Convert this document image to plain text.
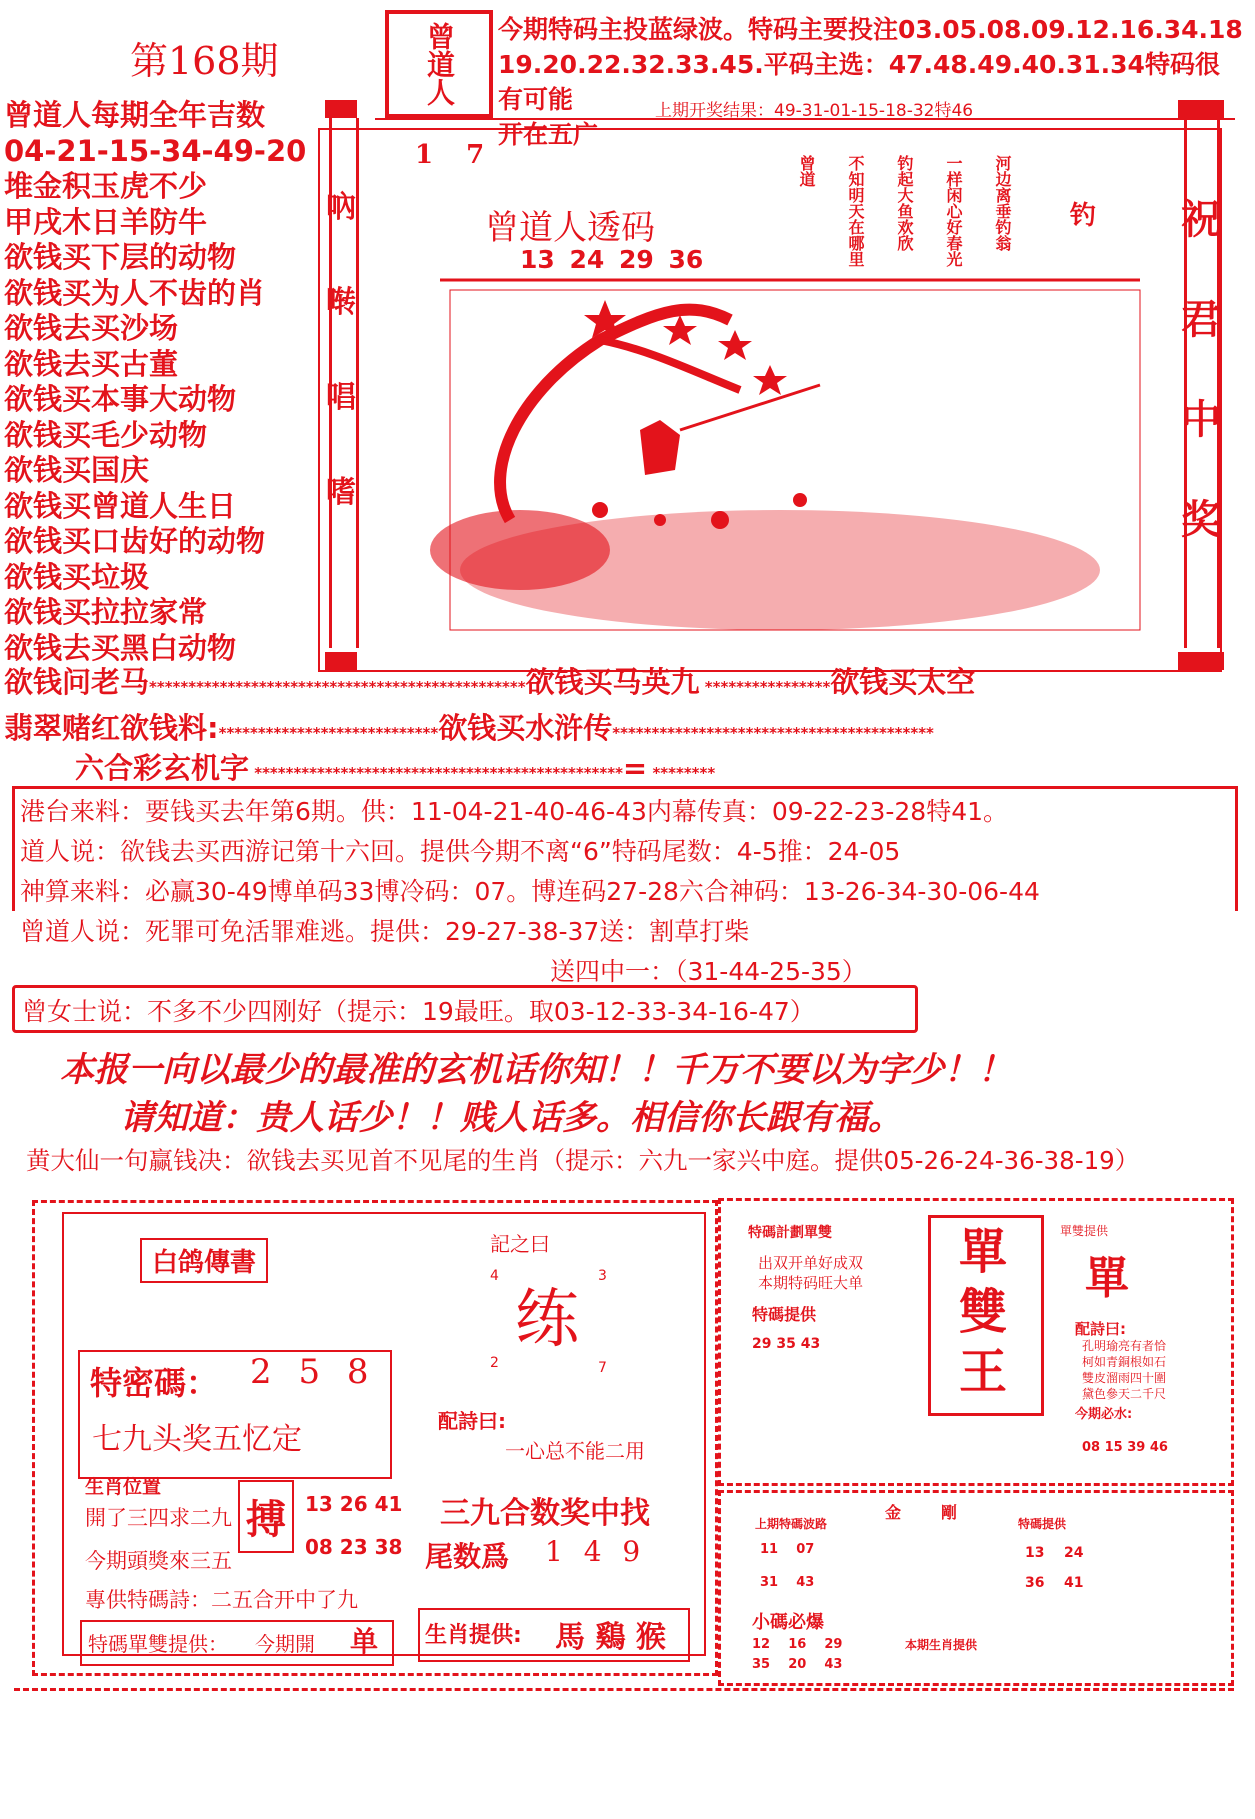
第168期	曾道人 今期特码主投蓝绿波。特码主要投注03.05.08.09.12.16.34.18
19.20.22.32.33.45.平码主选：47.48.49.40.31.34特码很有可能
开在五广
上期开奖结果：49-31-01-15-18-32特46
曾道人每期全年吉数
04-21-15-34-49-20
堆金积玉虎不少
甲戌木日羊防牛
欲钱买下层的动物
欲钱买为人不齿的肖
欲钱去买沙场
欲钱去买古董
欲钱买本事大动物
欲钱买毛少动物
欲钱买国庆
欲钱买曾道人生日
欲钱买口齿好的动物
欲钱买垃圾
欲钱买拉拉家常
欲钱去买黑白动物
吶
啭
唱
嗜
祝
君
中
奖
1 7
曾道人透码
13 24 29 36
钓
河边离垂钓翁
一样闲心好春光
钓起大鱼欢欣
不知明天在哪里
曾道
欲钱问老马************************************************欲钱买马英九 ****************欲钱买太空
翡翠赌红欲钱料:****************************欲钱买水浒传*****************************************
六合彩玄机字 ***********************************************= ********
港台来料：要钱买去年第6期。供：11-04-21-40-46-43内幕传真：09-22-23-28特41。
道人说：欲钱去买西游记第十六回。提供今期不离“6”特码尾数：4-5推：24-05
神算来料：必赢30-49博单码33博冷码：07。博连码27-28六合神码：13-26-34-30-06-44
曾道人说：死罪可免活罪难逃。提供：29-27-38-37送：割草打柴
送四中一：（31-44-25-35）
曾女士说：不多不少四刚好（提示：19最旺。取03-12-33-34-16-47）
本报一向以最少的最准的玄机话你知！！千万不要以为字少！！
请知道：贵人话少！！贱人话多。相信你长跟有福。
黄大仙一句赢钱决：欲钱去买见首不见尾的生肖（提示：六九一家兴中庭。提供05-26-24-36-38-19）
白鸽傳書
特密碼： 2 5 8
七九头奖五忆定
生肖位置
開了三四求二九
今期頭獎來三五
搏 13 26 41
08 23 38
專供特碼詩：二五合开中了九
特碼單雙提供： 今期開 单
記之曰
4	3
练
2	7
配詩曰:
一心总不能二用
三九合数奖中找
尾数爲 1 4 9
生肖提供: 馬 鷄 猴
特碼計劃單雙
出双开单好成双
本期特码旺大单
特碼提供
29 35 43
單
雙
王
單雙提供
單
配詩曰:
孔明瑜亮有者恰
柯如青銅根如石
雙皮溜雨四十圍
黛色參天二千尺
今期必水:
08 15 39 46
上期特碼波路
11    07
31    43
小碼必爆
12    16    29
35    20    43
金剛
特碼提供
13    24
36    41
本期生肖提供
